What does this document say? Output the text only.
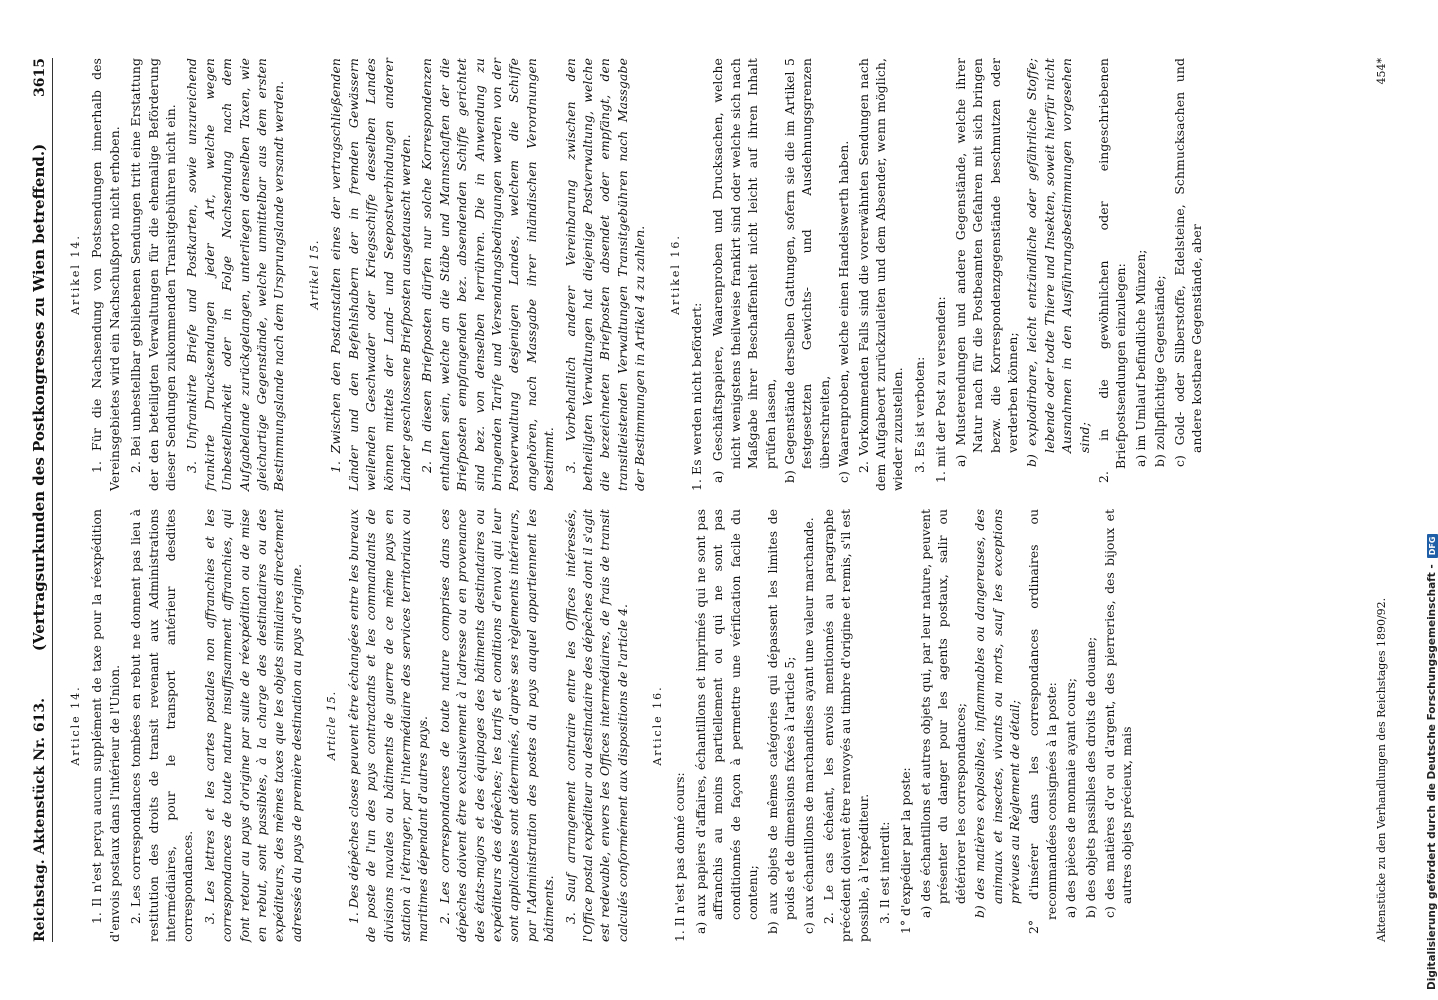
Reichstag. Aktenstück Nr. 613.
(Vertragsurkunden des Postkongresses zu Wien betreffend.)
3615
Article 14. 1. Il n'est perçu aucun supplément de taxe pour la réexpédition d'envois postaux dans l'intérieur de l'Union. 2. Les correspondances tombées en rebut ne donnent pas lieu à restitution des droits de transit revenant aux Administrations intermédiaires, pour le transport antérieur desdites correspondances. 3. Les lettres et les cartes postales non affranchies et les correspondances de toute nature insuffisamment affranchies, qui font retour au pays d'origine par suite de réexpédition ou de mise en rebut, sont passibles, à la charge des destinataires ou des expéditeurs, des mêmes taxes que les objets similaires directement adressés du pays de première destination au pays d'origine. Article 15. 1. Des dépêches closes peuvent être échangées entre les bureaux de poste de l'un des pays contractants et les commandants de divisions navales ou bâtiments de guerre de ce même pays en station à l'étranger, par l'intermédiaire des services territoriaux ou maritimes dépendant d'autres pays. 2. Les correspondances de toute nature comprises dans ces dépêches doivent être exclusivement à l'adresse ou en provenance des états-majors et des équipages des bâtiments destinataires ou expéditeurs des dépêches; les tarifs et conditions d'envoi qui leur sont applicables sont déterminés, d'après ses règlements intérieurs, par l'Administration des postes du pays auquel appartiennent les bâtiments. 3. Sauf arrangement contraire entre les Offices intéressés, l'Office postal expéditeur ou destinataire des dépêches dont il s'agit est redevable, envers les Offices intermédiaires, de frais de transit calculés conformément aux dispositions de l'article 4. Article 16.

1. Il n'est pas donné cours: a) aux papiers d'affaires, échantillons et imprimés qui ne sont pas affranchis au moins partiellement ou qui ne sont pas conditionnés de façon à permettre une vérification facile du contenu; b) aux objets de mêmes catégories qui dépassent les limites de poids et de dimensions fixées à l'article 5; c) aux échantillons de marchandises ayant une valeur marchande. 2. Le cas échéant, les envois mentionnés au paragraphe précédent doivent être renvoyés au timbre d'origine et remis, s'il est possible, à l'expéditeur. 3. Il est interdit: 1° d'expédier par la poste: a) des échantillons et autres objets qui, par leur nature, peuvent présenter du danger pour les agents postaux, salir ou détériorer les correspondances; b) des matières explosibles, inflammables ou dangereuses, des animaux et insectes, vivants ou morts, sauf les exceptions prévues au Règlement de détail; 2° d'insérer dans les correspondances ordinaires ou recommandées consignées à la poste: a) des pièces de monnaie ayant cours; b) des objets passibles des droits de douane; c) des matières d'or ou d'argent, des pierreries, des bijoux et autres objets précieux, mais
Artikel 14. 1. Für die Nachsendung von Postsendungen innerhalb des Vereinsgebietes wird ein Nachschußporto nicht erhoben. 2. Bei unbestellbar gebliebenen Sendungen tritt eine Erstattung der den beteiligten Verwaltungen für die ehemalige Beförderung dieser Sendungen zukommenden Transitgebühren nicht ein. 3. Unfrankirte Briefe und Postkarten, sowie unzureichend frankirte Drucksendungen jeder Art, welche wegen Unbestellbarkeit oder in Folge Nachsendung nach dem Aufgabelande zurückgelangen, unterliegen denselben Taxen, wie gleichartige Gegenstände, welche unmittelbar aus dem ersten Bestimmungslande nach dem Ursprungslande versandt werden. Artikel 15. 1. Zwischen den Postanstalten eines der vertragschließenden Länder und den Befehlshabern der in fremden Gewässern weilenden Geschwader oder Kriegsschiffe desselben Landes können mittels der Land- und Seepostverbindungen anderer Länder geschlossene Briefposten ausgetauscht werden. 2. In diesen Briefposten dürfen nur solche Korrespondenzen enthalten sein, welche an die Stäbe und Mannschaften der die Briefposten empfangenden bez. absendenden Schiffe gerichtet sind bez. von denselben herrühren. Die in Anwendung zu bringenden Tarife und Versendungsbedingungen werden von der Postverwaltung desjenigen Landes, welchem die Schiffe angehören, nach Massgabe ihrer inländischen Verordnungen bestimmt. 3. Vorbehaltlich anderer Vereinbarung zwischen den betheiligten Verwaltungen hat diejenige Postverwaltung, welche die bezeichneten Briefposten absendet oder empfängt, den transitleistenden Verwaltungen Transitgebühren nach Massgabe der Bestimmungen in Artikel 4 zu zahlen. Artikel 16.

1. Es werden nicht befördert: a) Geschäftspapiere, Waarenproben und Drucksachen, welche nicht wenigstens theilweise frankirt sind oder welche sich nach Maßgabe ihrer Beschaffenheit nicht leicht auf ihren Inhalt prüfen lassen, b) Gegenstände derselben Gattungen, sofern sie die im Artikel 5 festgesetzten Gewichts- und Ausdehnungsgrenzen überschreiten, c) Waarenproben, welche einen Handelswerth haben. 2. Vorkommenden Falls sind die vorerwähnten Sendungen nach dem Aufgabeort zurückzuleiten und dem Absender, wenn möglich, wieder zuzustellen. 3. Es ist verboten: 1. mit der Post zu versenden: a) Musterendungen und andere Gegenstände, welche ihrer Natur nach für die Postbeamten Gefahren mit sich bringen bezw. die Korrespondenzgegenstände beschmutzen oder verderben können; b) explodirbare, leicht entzündliche oder gefährliche Stoffe; lebende oder todte Thiere und Insekten, soweit hierfür nicht Ausnahmen in den Ausführungsbestimmungen vorgesehen sind; 2. in die gewöhnlichen oder eingeschriebenen Briefpostsendungen einzulegen: a) im Umlauf befindliche Münzen; b) zollpflichtige Gegenstände; c) Gold- oder Silberstoffe, Edelsteine, Schmucksachen und andere kostbare Gegenstände, aber
Aktenstücke zu den Verhandlungen des Reichstages 1890/92.
454*
Digitalisierung gefördert durch die Deutsche Forschungsgemeinschaft -
DFG
